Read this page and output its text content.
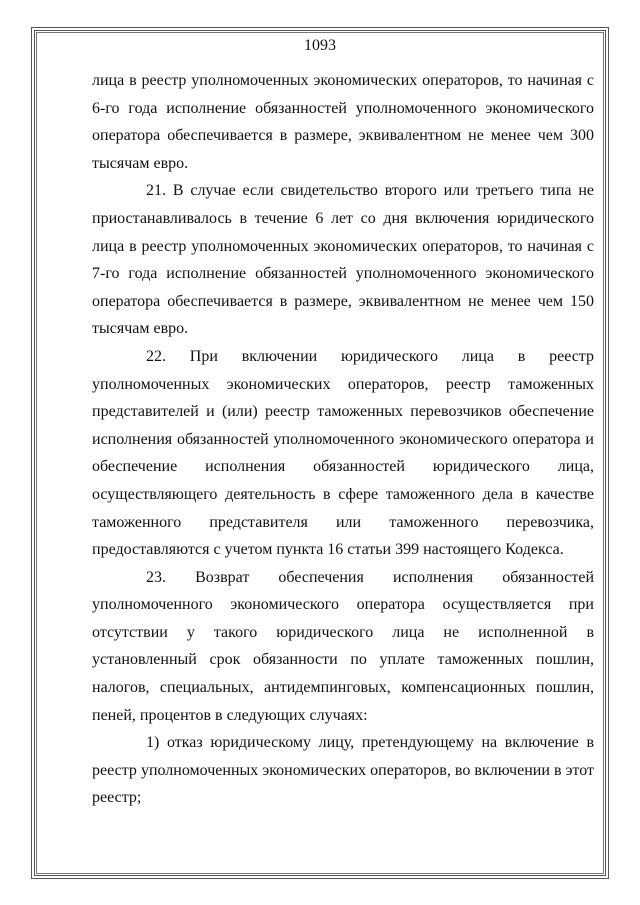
1093

лица в реестр уполномоченных экономических операторов, то начиная с 6-го года исполнение обязанностей уполномоченного экономического оператора обеспечивается в размере, эквивалентном не менее чем 300 тысячам евро.

21. В случае если свидетельство второго или третьего типа не приостанавливалось в течение 6 лет со дня включения юридического лица в реестр уполномоченных экономических операторов, то начиная с 7-го года исполнение обязанностей уполномоченного экономического оператора обеспечивается в размере, эквивалентном не менее чем 150 тысячам евро.

22. При включении юридического лица в реестр уполномоченных экономических операторов, реестр таможенных представителей и (или) реестр таможенных перевозчиков обеспечение исполнения обязанностей уполномоченного экономического оператора и обеспечение исполнения обязанностей юридического лица, осуществляющего деятельность в сфере таможенного дела в качестве таможенного представителя или таможенного перевозчика, предоставляются с учетом пункта 16 статьи 399 настоящего Кодекса.

23. Возврат обеспечения исполнения обязанностей уполномоченного экономического оператора осуществляется при отсутствии у такого юридического лица не исполненной в установленный срок обязанности по уплате таможенных пошлин, налогов, специальных, антидемпинговых, компенсационных пошлин, пеней, процентов в следующих случаях:

1) отказ юридическому лицу, претендующему на включение в реестр уполномоченных экономических операторов, во включении в этот реестр;
